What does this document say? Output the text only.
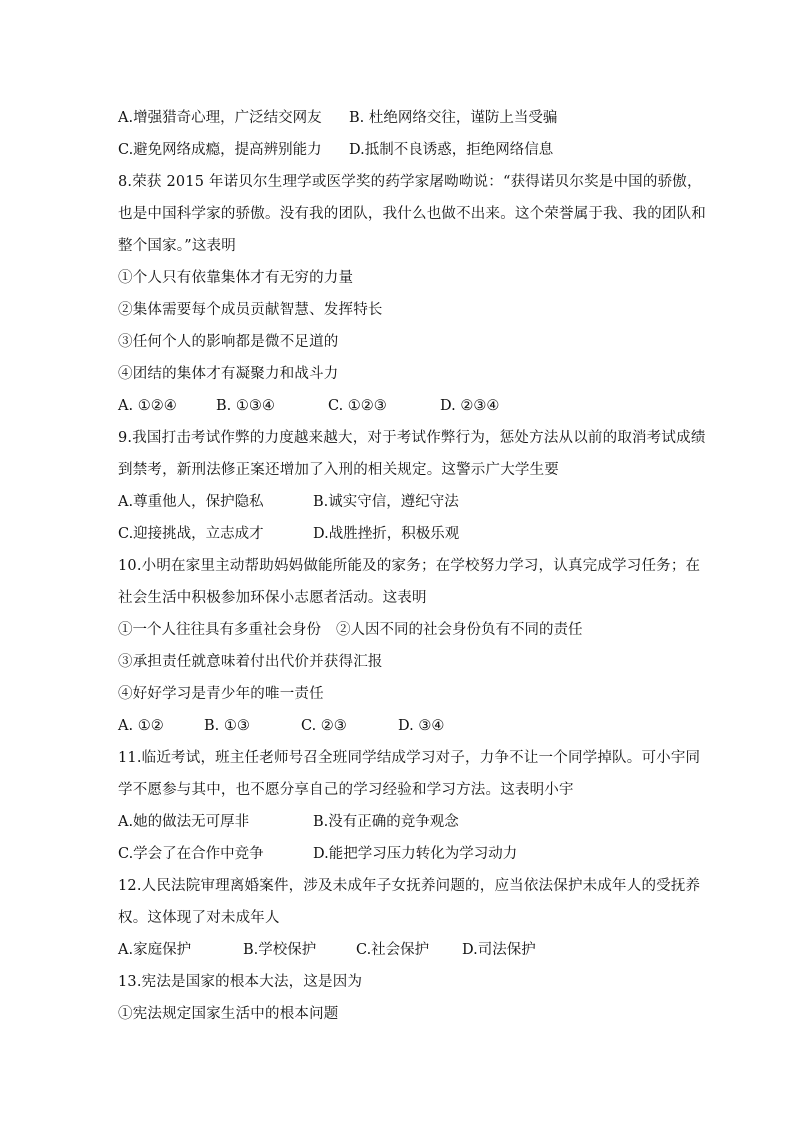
A.增强猎奇心理，广泛结交网友 B. 杜绝网络交往，谨防上当受骗
C.避免网络成瘾，提高辨别能力 D.抵制不良诱惑，拒绝网络信息
8.荣获 2015 年诺贝尔生理学或医学奖的药学家屠呦呦说：“获得诺贝尔奖是中国的骄傲，
也是中国科学家的骄傲。没有我的团队，我什么也做不出来。这个荣誉属于我、我的团队和
整个国家。”这表明
①个人只有依靠集体才有无穷的力量
②集体需要每个成员贡献智慧、发挥特长
③任何个人的影响都是微不足道的
④团结的集体才有凝聚力和战斗力
A. ①②④	B. ①③④	C. ①②③	D. ②③④
9.我国打击考试作弊的力度越来越大，对于考试作弊行为，惩处方法从以前的取消考试成绩
到禁考，新刑法修正案还增加了入刑的相关规定。这警示广大学生要
A.尊重他人，保护隐私	B.诚实守信，遵纪守法
C.迎接挑战，立志成才	D.战胜挫折，积极乐观
10.小明在家里主动帮助妈妈做能所能及的家务；在学校努力学习，认真完成学习任务；在
社会生活中积极参加环保小志愿者活动。这表明
①一个人往往具有多重社会身份 ②人因不同的社会身份负有不同的责任
③承担责任就意味着付出代价并获得汇报
④好好学习是青少年的唯一责任
A. ①②	B. ①③	C. ②③	D. ③④
11.临近考试，班主任老师号召全班同学结成学习对子，力争不让一个同学掉队。可小宇同
学不愿参与其中，也不愿分享自己的学习经验和学习方法。这表明小宇
A.她的做法无可厚非	B.没有正确的竞争观念
C.学会了在合作中竞争	D.能把学习压力转化为学习动力
12.人民法院审理离婚案件，涉及未成年子女抚养问题的，应当依法保护未成年人的受抚养
权。这体现了对未成年人
A.家庭保护	B.学校保护	C.社会保护 D.司法保护
13.宪法是国家的根本大法，这是因为
①宪法规定国家生活中的根本问题
